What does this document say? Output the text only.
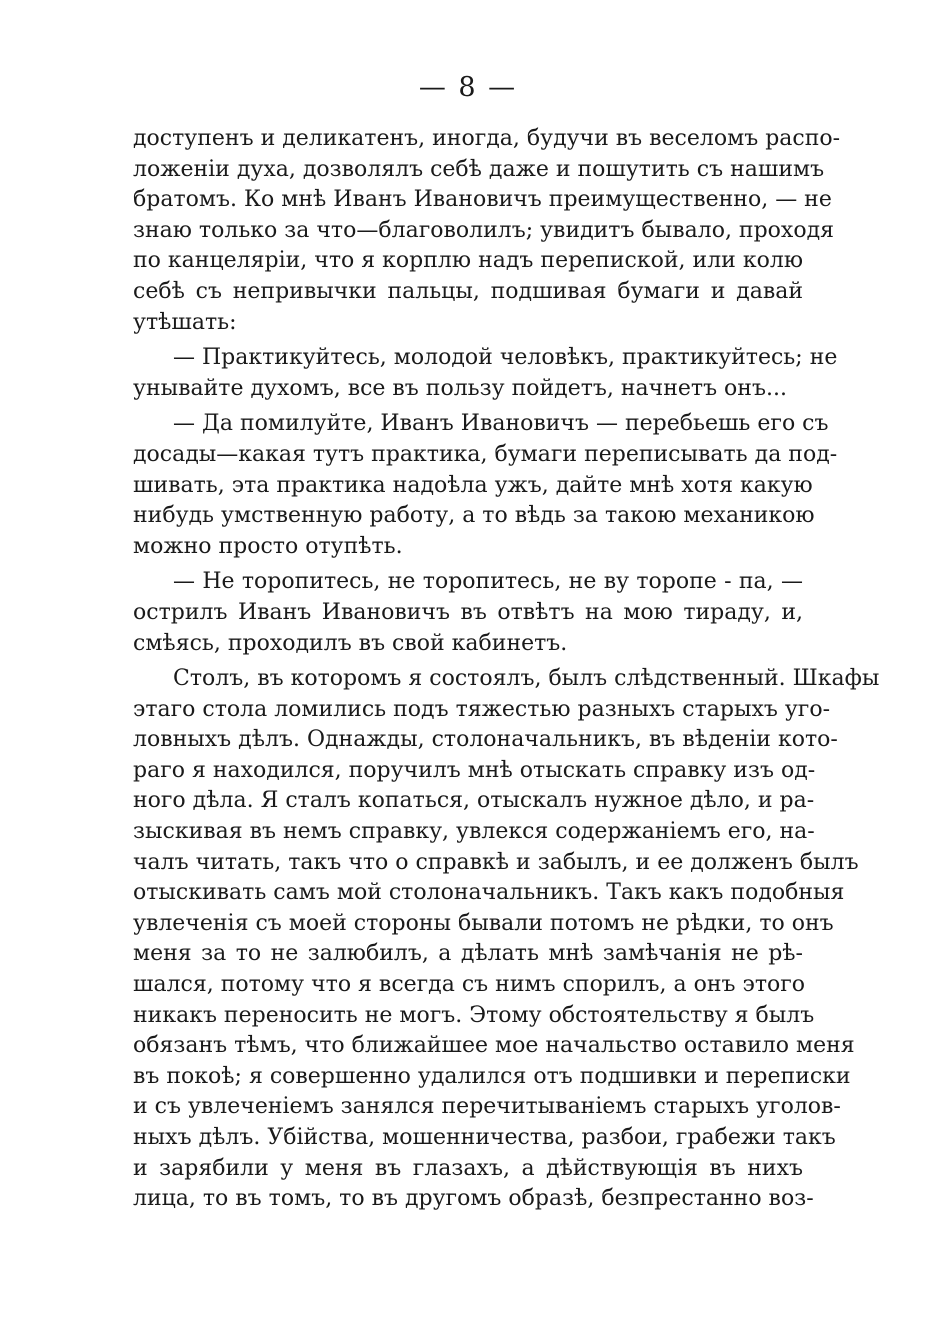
— 8 —
доступенъ и деликатенъ, иногда, будучи въ веселомъ распо-
ложеніи духа, дозволялъ себѣ даже и пошутить съ нашимъ
братомъ. Ко мнѣ Иванъ Ивановичъ преимущественно, — не
знаю только за что—благоволилъ; увидитъ бывало, проходя
по канцеляріи, что я корплю надъ перепиской, или колю
себѣ съ непривычки пальцы, подшивая бумаги и давай
утѣшать:
— Практикуйтесь, молодой человѣкъ, практикуйтесь; не
унывайте духомъ, все въ пользу пойдетъ, начнетъ онъ...
— Да помилуйте, Иванъ Ивановичъ — перебьешь его съ
досады—какая тутъ практика, бумаги переписывать да под-
шивать, эта практика надоѣла ужъ, дайте мнѣ хотя какую
нибудь умственную работу, а то вѣдь за такою механикою
можно просто отупѣть.
— Не торопитесь, не торопитесь, не ву торопе - па, —
острилъ Иванъ Ивановичъ въ отвѣтъ на мою тираду, и,
смѣясь, проходилъ въ свой кабинетъ.
Столъ, въ которомъ я состоялъ, былъ слѣдственный. Шкафы
этаго стола ломились подъ тяжестью разныхъ старыхъ уго-
ловныхъ дѣлъ. Однажды, столоначальникъ, въ вѣденіи кото-
раго я находился, поручилъ мнѣ отыскать справку изъ од-
ного дѣла. Я сталъ копаться, отыскалъ нужное дѣло, и ра-
зыскивая въ немъ справку, увлекся содержаніемъ его, на-
чалъ читать, такъ что о справкѣ и забылъ, и ее долженъ былъ
отыскивать самъ мой столоначальникъ. Такъ какъ подобныя
увлеченія съ моей стороны бывали потомъ не рѣдки, то онъ
меня за то не залюбилъ, а дѣлать мнѣ замѣчанія не рѣ-
шался, потому что я всегда съ нимъ спорилъ, а онъ этого
никакъ переносить не могъ. Этому обстоятельству я былъ
обязанъ тѣмъ, что ближайшее мое начальство оставило меня
въ покоѣ; я совершенно удалился отъ подшивки и переписки
и съ увлеченіемъ занялся перечитываніемъ старыхъ уголов-
ныхъ дѣлъ. Убійства, мошенничества, разбои, грабежи такъ
и зарябили у меня въ глазахъ, а дѣйствующія въ нихъ
лица, то въ томъ, то въ другомъ образѣ, безпрестанно воз-
